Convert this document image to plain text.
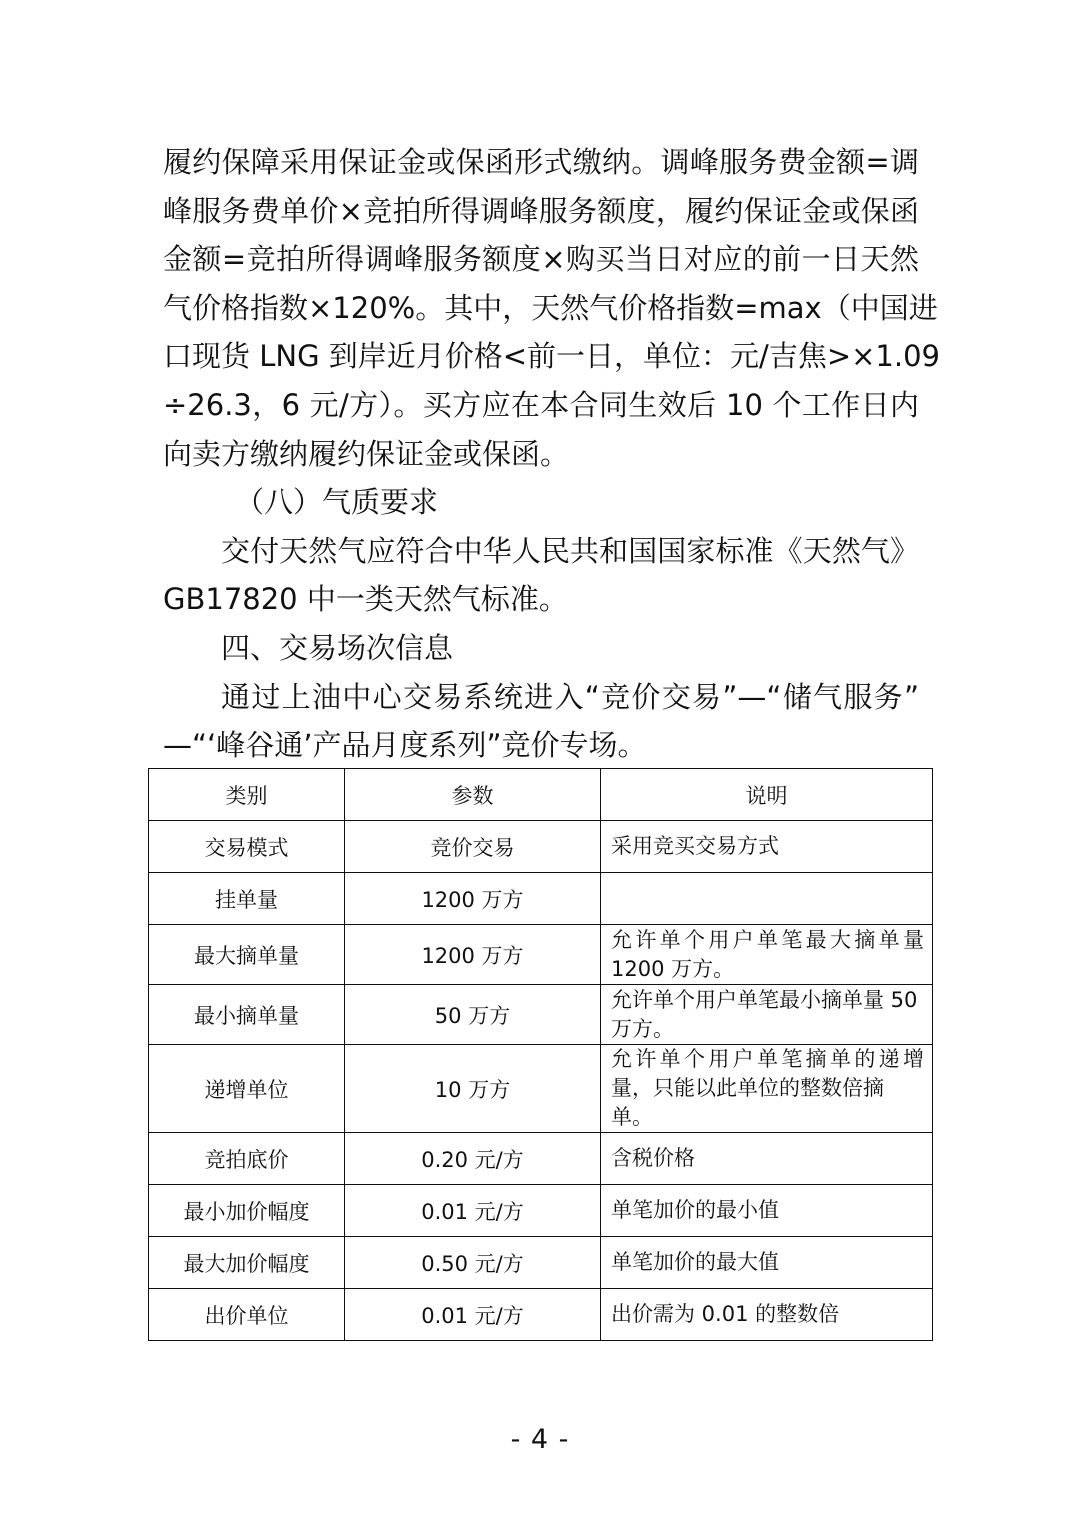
履约保障采用保证金或保函形式缴纳。调峰服务费金额=调
峰服务费单价×竞拍所得调峰服务额度，履约保证金或保函
金额=竞拍所得调峰服务额度×购买当日对应的前一日天然
气价格指数×120%。其中，天然气价格指数=max（中国进
口现货 LNG 到岸近月价格<前一日，单位：元/吉焦>×1.09
÷26.3，6 元/方）。买方应在本合同生效后 10 个工作日内
向卖方缴纳履约保证金或保函。
（八）气质要求
交付天然气应符合中华人民共和国国家标准《天然气》
GB17820 中一类天然气标准。
四、交易场次信息
通过上油中心交易系统进入“竞价交易”—“储气服务”
—“‘峰谷通’产品月度系列”竞价专场。
类别	参数	说明
交易模式	竞价交易	采用竞买交易方式

挂单量	1200 万方	

最大摘单量	1200 万方	允许单个用户单笔最大摘单量
1200 万方。

最小摘单量	50 万方	允许单个用户单笔最小摘单量 50
万方。

递增单位	10 万方	允许单个用户单笔摘单的递增
量，只能以此单位的整数倍摘单。

竞拍底价	0.20 元/方	含税价格

最小加价幅度	0.01 元/方	单笔加价的最小值

最大加价幅度	0.50 元/方	单笔加价的最大值

出价单位	0.01 元/方	出价需为 0.01 的整数倍
- 4 -
